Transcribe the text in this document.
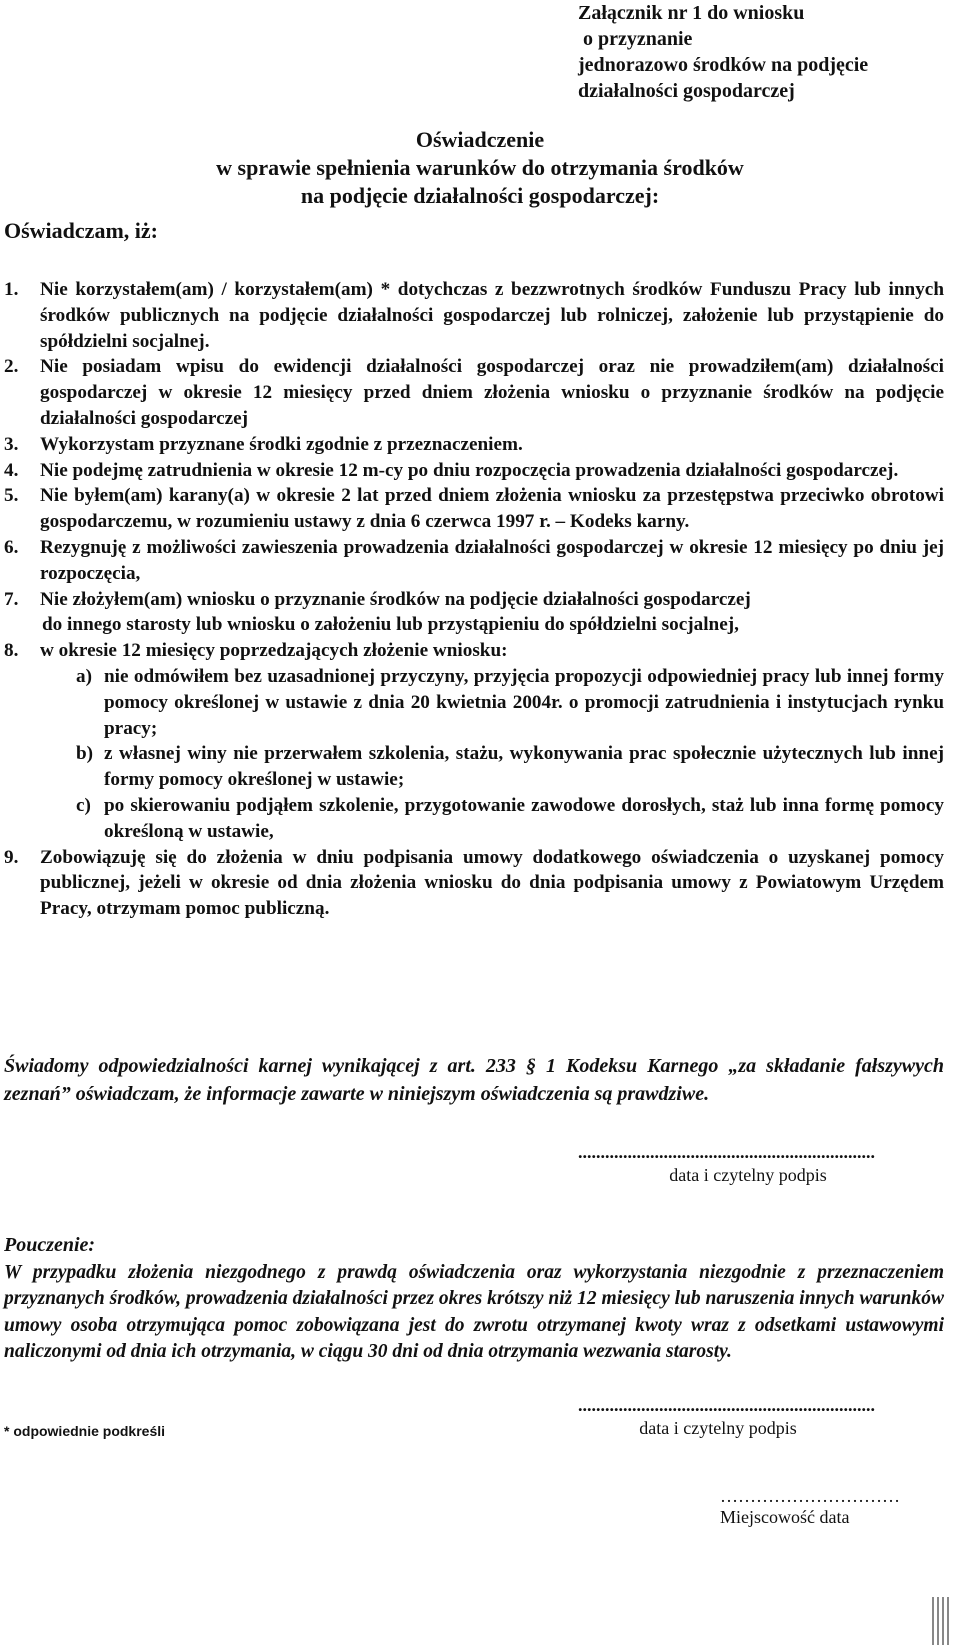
Załącznik nr 1 do wniosku
o przyznanie
jednorazowo środków na podjęcie
działalności gospodarczej
Oświadczenie
w sprawie spełnienia warunków do otrzymania środków
na podjęcie działalności gospodarczej:
Oświadczam, iż:
1. Nie korzystałem(am) / korzystałem(am) * dotychczas z bezzwrotnych środków Funduszu Pracy lub innych środków publicznych na podjęcie działalności gospodarczej lub rolniczej, założenie lub przystąpienie do spółdzielni socjalnej.
2. Nie posiadam wpisu do ewidencji działalności gospodarczej oraz nie prowadziłem(am) działalności gospodarczej w okresie 12 miesięcy przed dniem złożenia wniosku o przyznanie środków na podjęcie działalności gospodarczej
3. Wykorzystam przyznane środki zgodnie z przeznaczeniem.
4. Nie podejmę zatrudnienia w okresie 12 m-cy po dniu rozpoczęcia prowadzenia działalności gospodarczej.
5. Nie byłem(am) karany(a) w okresie 2 lat przed dniem złożenia wniosku za przestępstwa przeciwko obrotowi gospodarczemu, w rozumieniu ustawy z dnia 6 czerwca 1997 r. – Kodeks karny.
6. Rezygnuję z możliwości zawieszenia prowadzenia działalności gospodarczej w okresie 12 miesięcy po dniu jej rozpoczęcia,
7. Nie złożyłem(am) wniosku o przyznanie środków na podjęcie działalności gospodarczej
do innego starosty lub wniosku o założeniu lub przystąpieniu do spółdzielni socjalnej,
8. w okresie 12 miesięcy poprzedzających złożenie wniosku:
a) nie odmówiłem bez uzasadnionej przyczyny, przyjęcia propozycji odpowiedniej pracy lub innej formy pomocy określonej w ustawie z dnia 20 kwietnia 2004r. o promocji zatrudnienia i instytucjach rynku pracy;
b) z własnej winy nie przerwałem szkolenia, stażu, wykonywania prac społecznie użytecznych lub innej formy pomocy określonej w ustawie;
c) po skierowaniu podjąłem szkolenie, przygotowanie zawodowe dorosłych, staż lub inna formę pomocy określoną w ustawie,
9. Zobowiązuję się do złożenia w dniu podpisania umowy dodatkowego oświadczenia o uzyskanej pomocy publicznej, jeżeli w okresie od dnia złożenia wniosku do dnia podpisania umowy z Powiatowym Urzędem Pracy, otrzymam pomoc publiczną.
Świadomy odpowiedzialności karnej wynikającej z art. 233 § 1 Kodeksu Karnego „za składanie fałszywych zeznań” oświadczam, że informacje zawarte w niniejszym oświadczenia są prawdziwe.
..................................................................
data i czytelny podpis
Pouczenie:
W przypadku złożenia niezgodnego z prawdą oświadczenia oraz wykorzystania niezgodnie z przeznaczeniem przyznanych środków, prowadzenia działalności przez okres krótszy niż 12 miesięcy lub naruszenia innych warunków umowy osoba otrzymująca pomoc zobowiązana jest do zwrotu otrzymanej kwoty wraz z odsetkami ustawowymi naliczonymi od dnia ich otrzymania, w ciągu 30 dni od dnia otrzymania wezwania starosty.
..................................................................
data i czytelny podpis
* odpowiednie podkreśli
…………………………
Miejscowość data
